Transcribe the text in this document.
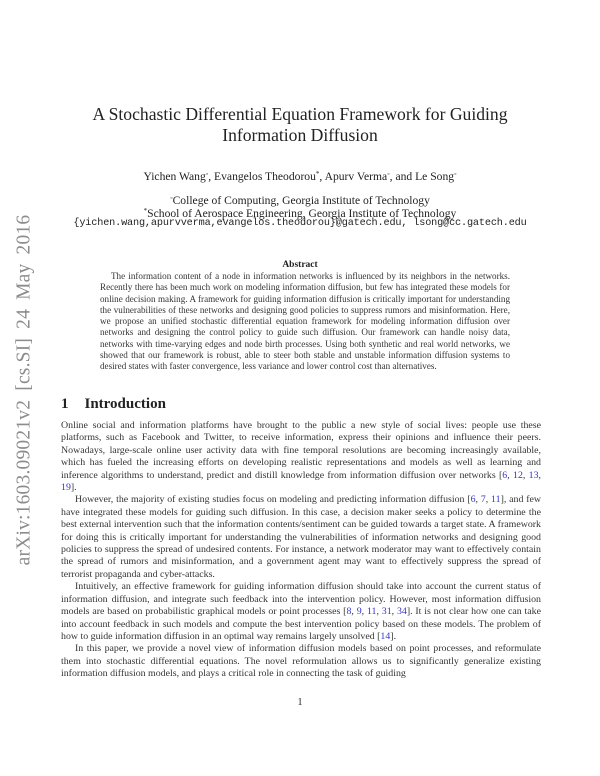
arXiv:1603.09021v2 [cs.SI] 24 May 2016
A Stochastic Differential Equation Framework for Guiding
Information Diffusion
Yichen Wang◦, Evangelos Theodorou*, Apurv Verma◦, and Le Song◦
◦College of Computing, Georgia Institute of Technology
*School of Aerospace Engineering, Georgia Institute of Technology
{yichen.wang,apurvverma,evangelos.theodorou}@gatech.edu, lsong@cc.gatech.edu
Abstract
The information content of a node in information networks is influenced by its neighbors in the networks. Recently there has been much work on modeling information diffusion, but few has integrated these models for online decision making. A framework for guiding information diffusion is critically important for understanding the vulnerabilities of these networks and designing good policies to suppress rumors and misinformation. Here, we propose an unified stochastic differential equation framework for modeling information diffusion over networks and designing the control policy to guide such diffusion. Our framework can handle noisy data, networks with time-varying edges and node birth processes. Using both synthetic and real world networks, we showed that our framework is robust, able to steer both stable and unstable information diffusion systems to desired states with faster convergence, less variance and lower control cost than alternatives.
1 Introduction

Online social and information platforms have brought to the public a new style of social lives: people use these platforms, such as Facebook and Twitter, to receive information, express their opinions and influence their peers. Nowadays, large-scale online user activity data with fine temporal resolutions are becoming increasingly available, which has fueled the increasing efforts on developing realistic representations and models as well as learning and inference algorithms to understand, predict and distill knowledge from information diffusion over networks [6, 12, 13, 19].

However, the majority of existing studies focus on modeling and predicting information diffusion [6, 7, 11], and few have integrated these models for guiding such diffusion. In this case, a decision maker seeks a policy to determine the best external intervention such that the information contents/sentiment can be guided towards a target state. A framework for doing this is critically important for understanding the vulnerabilities of information networks and designing good policies to suppress the spread of undesired contents. For instance, a network moderator may want to effectively contain the spread of rumors and misinformation, and a government agent may want to effectively suppress the spread of terrorist propaganda and cyber-attacks.

Intuitively, an effective framework for guiding information diffusion should take into account the current status of information diffusion, and integrate such feedback into the intervention policy. However, most information diffusion models are based on probabilistic graphical models or point processes [8, 9, 11, 31, 34]. It is not clear how one can take into account feedback in such models and compute the best intervention policy based on these models. The problem of how to guide information diffusion in an optimal way remains largely unsolved [14].

In this paper, we provide a novel view of information diffusion models based on point processes, and reformulate them into stochastic differential equations. The novel reformulation allows us to significantly generalize existing information diffusion models, and plays a critical role in connecting the task of guiding

1
